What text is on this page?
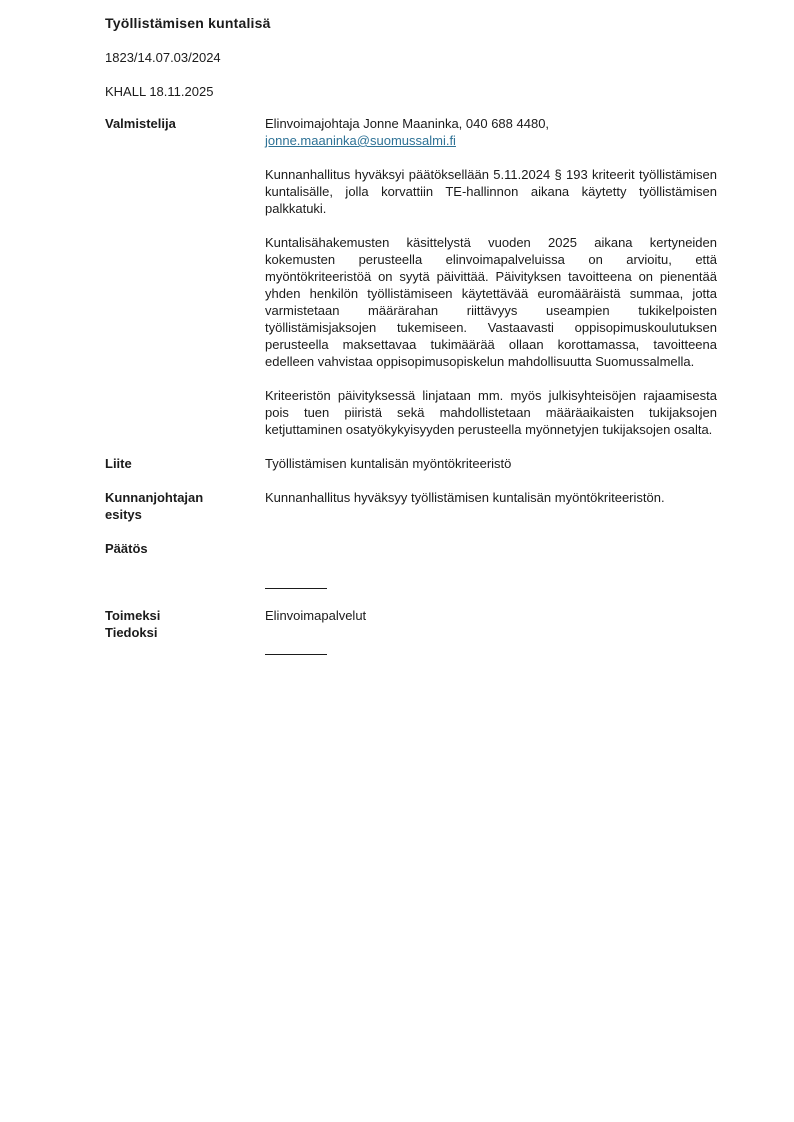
Työllistämisen kuntalisä
1823/14.07.03/2024
KHALL 18.11.2025
Valmistelija	Elinvoimajohtaja Jonne Maaninka, 040 688 4480,
jonne.maaninka@suomussalmi.fi

Kunnanhallitus hyväksyi päätöksellään 5.11.2024 § 193 kriteerit työllistämisen kuntalisälle, jolla korvattiin TE-hallinnon aikana käytetty työllistämisen palkkatuki.

Kuntalisähakemusten käsittelystä vuoden 2025 aikana kertyneiden kokemusten perusteella elinvoimapalveluissa on arvioitu, että myöntökriteeristöä on syytä päivittää. Päivityksen tavoitteena on pienentää yhden henkilön työllistämiseen käytettävää euromääräistä summaa, jotta varmistetaan määrärahan riittävyys useampien tukikelpoisten työllistämisjaksojen tukemiseen. Vastaavasti oppisopimuskoulutuksen perusteella maksettavaa tukimäärää ollaan korottamassa, tavoitteena edelleen vahvistaa oppisopimusopiskelun mahdollisuutta Suomussalmella.

Kriteeristön päivityksessä linjataan mm. myös julkisyhteisöjen rajaamisesta pois tuen piiristä sekä mahdollistetaan määräaikaisten tukijaksojen ketjuttaminen osatyökykyisyyden perusteella myönnetyjen tukijaksojen osalta.

Liite	Työllistämisen kuntalisän myöntökriteeristö
Kunnanjohtajan esitys
Kunnanhallitus hyväksyy työllistämisen kuntalisän myöntökriteeristön.
Päätös
Toimeksi
Tiedoksi
Elinvoimapalvelut
